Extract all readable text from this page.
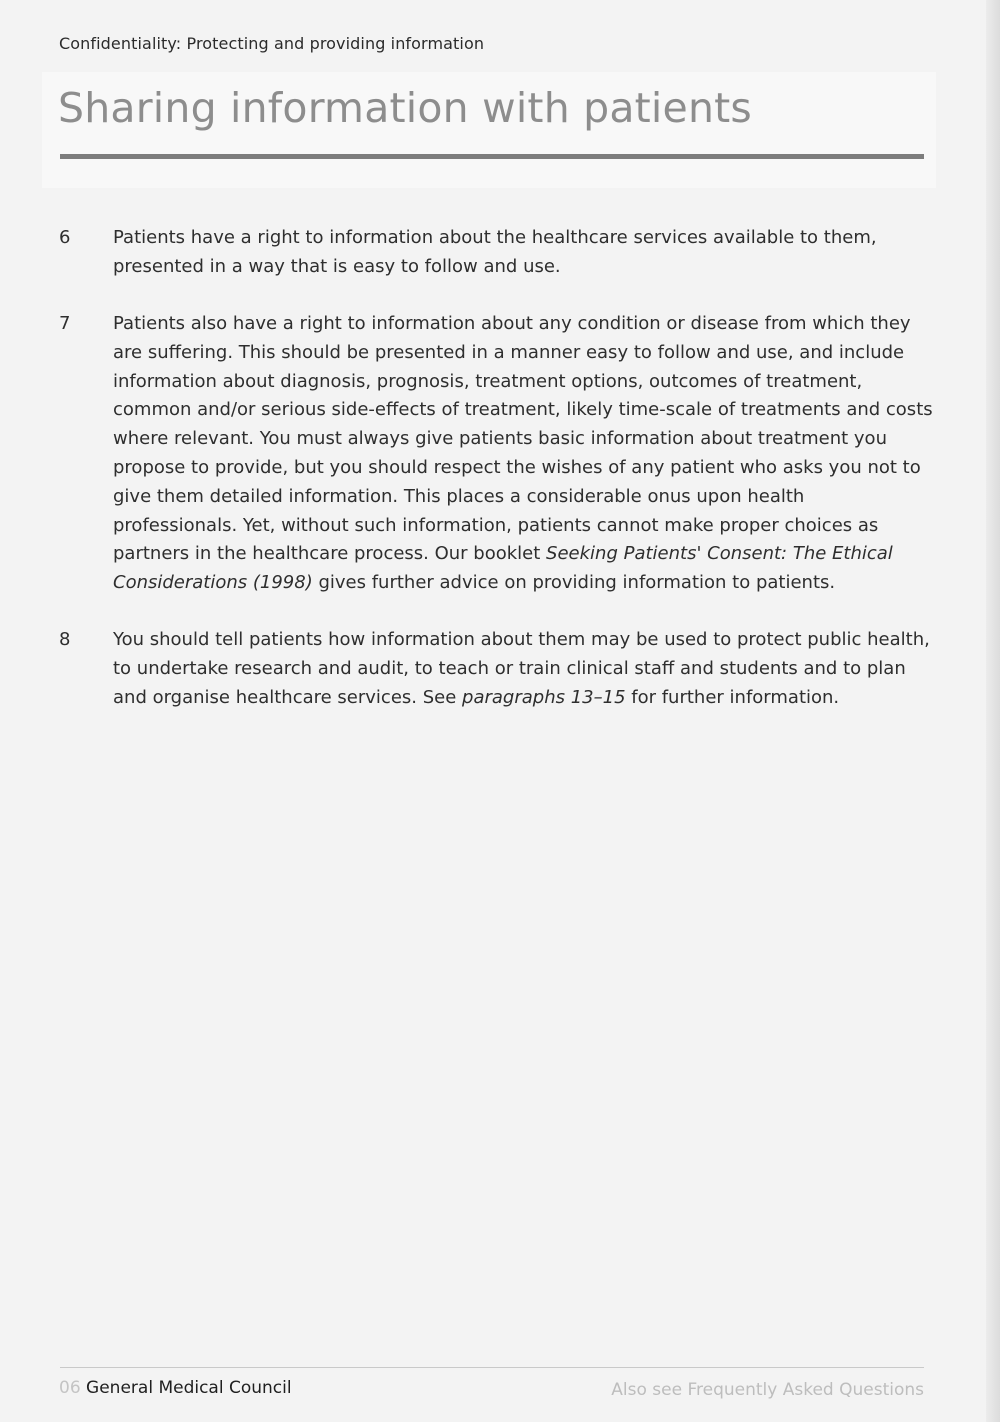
Confidentiality: Protecting and providing information
Sharing information with patients
6	Patients have a right to information about the healthcare services available to them, presented in a way that is easy to follow and use.
7	Patients also have a right to information about any condition or disease from which they are suffering. This should be presented in a manner easy to follow and use, and include information about diagnosis, prognosis, treatment options, outcomes of treatment, common and/or serious side-effects of treatment, likely time-scale of treatments and costs where relevant. You must always give patients basic information about treatment you propose to provide, but you should respect the wishes of any patient who asks you not to give them detailed information. This places a considerable onus upon health professionals. Yet, without such information, patients cannot make proper choices as partners in the healthcare process. Our booklet Seeking Patients' Consent: The Ethical Considerations (1998) gives further advice on providing information to patients.
8	You should tell patients how information about them may be used to protect public health, to undertake research and audit, to teach or train clinical staff and students and to plan and organise healthcare services. See paragraphs 13–15 for further information.
06 General Medical Council	Also see Frequently Asked Questions
